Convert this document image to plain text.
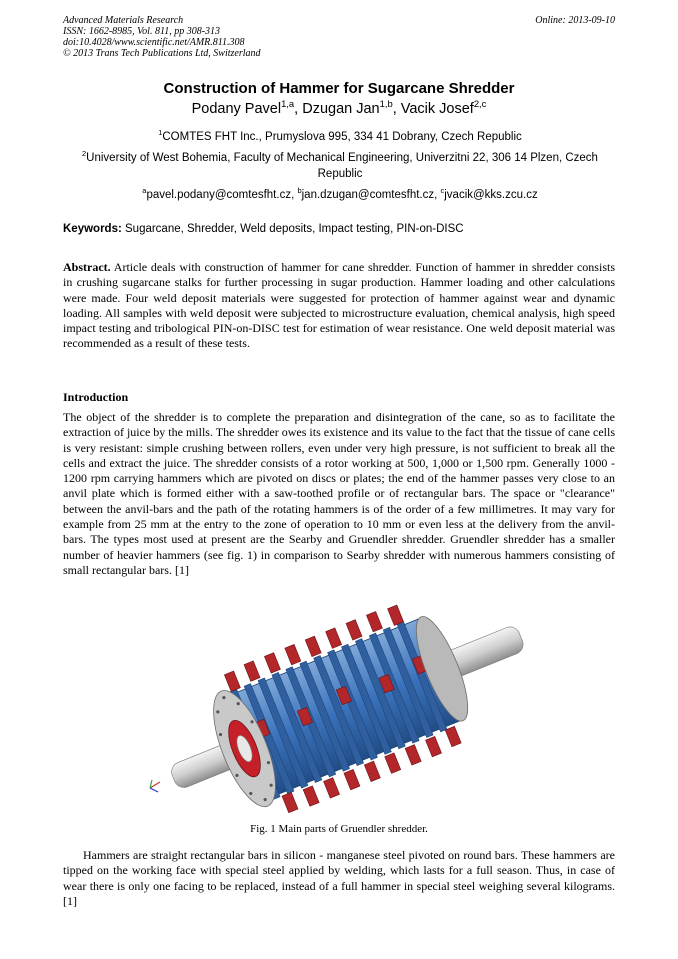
Advanced Materials Research
ISSN: 1662-8985, Vol. 811, pp 308-313
doi:10.4028/www.scientific.net/AMR.811.308
© 2013 Trans Tech Publications Ltd, Switzerland
Online: 2013-09-10
Construction of Hammer for Sugarcane Shredder
Podany Pavel$^{1,a}$, Dzugan Jan$^{1,b}$, Vacik Josef$^{2,c}$
$^1$COMTES FHT Inc., Prumyslova 995, 334 41 Dobrany, Czech Republic
$^2$University of West Bohemia, Faculty of Mechanical Engineering, Univerzitni 22, 306 14 Plzen, Czech Republic
$^a$pavel.podany@comtesfht.cz, $^b$jan.dzugan@comtesfht.cz, $^c$jvacik@kks.zcu.cz
Keywords: Sugarcane, Shredder, Weld deposits, Impact testing, PIN-on-DISC
Abstract. Article deals with construction of hammer for cane shredder. Function of hammer in shredder consists in crushing sugarcane stalks for further processing in sugar production. Hammer loading and other calculations were made. Four weld deposit materials were suggested for protection of hammer against wear and dynamic loading. All samples with weld deposit were subjected to microstructure evaluation, chemical analysis, high speed impact testing and tribological PIN-on-DISC test for estimation of wear resistance. One weld deposit material was recommended as a result of these tests.
Introduction
The object of the shredder is to complete the preparation and disintegration of the cane, so as to facilitate the extraction of juice by the mills. The shredder owes its existence and its value to the fact that the tissue of cane cells is very resistant: simple crushing between rollers, even under very high pressure, is not sufficient to break all the cells and extract the juice. The shredder consists of a rotor working at 500, 1,000 or 1,500 rpm. Generally 1000 - 1200 rpm carrying hammers which are pivoted on discs or plates; the end of the hammer passes very close to an anvil plate which is formed either with a saw-toothed profile or of rectangular bars. The space or "clearance" between the anvil-bars and the path of the rotating hammers is of the order of a few millimetres. It may vary for example from 25 mm at the entry to the zone of operation to 10 mm or even less at the delivery from the anvil-bars. The types most used at present are the Searby and Gruendler shredder. Gruendler shredder has a smaller number of heavier hammers (see fig. 1) in comparison to Searby shredder with numerous hammers consisting of small rectangular bars. [1]
Fig. 1 Main parts of Gruendler shredder.
Hammers are straight rectangular bars in silicon - manganese steel pivoted on round bars. These hammers are tipped on the working face with special steel applied by welding, which lasts for a full season. Thus, in case of wear there is only one facing to be replaced, instead of a full hammer in special steel weighing several kilograms. [1]
